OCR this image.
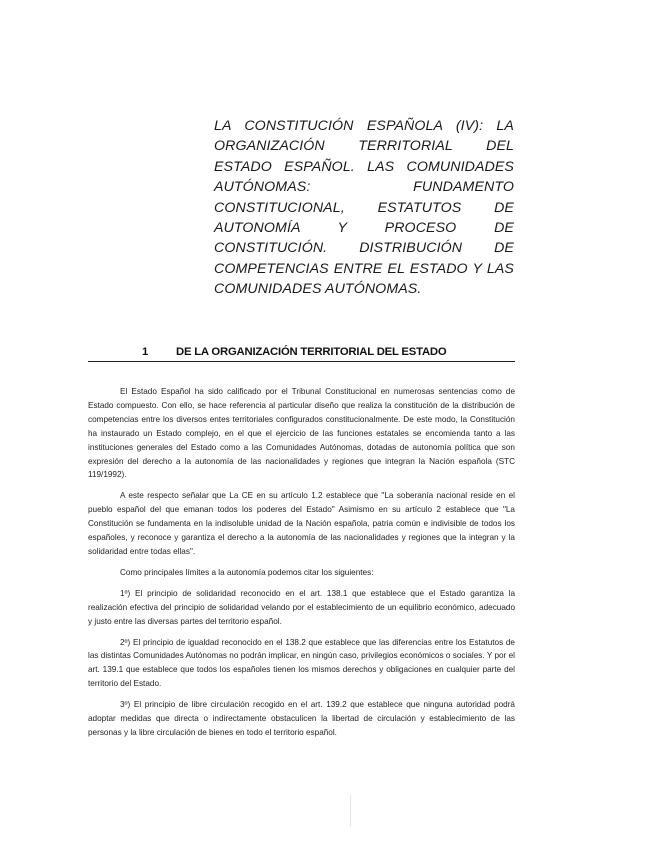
LA CONSTITUCIÓN ESPAÑOLA (IV): LA ORGANIZACIÓN TERRITORIAL DEL ESTADO ESPAÑOL. LAS COMUNIDADES AUTÓNOMAS: FUNDAMENTO CONSTITUCIONAL, ESTATUTOS DE AUTONOMÍA Y PROCESO DE CONSTITUCIÓN. DISTRIBUCIÓN DE COMPETENCIAS ENTRE EL ESTADO Y LAS COMUNIDADES AUTÓNOMAS.
1 DE LA ORGANIZACIÓN TERRITORIAL DEL ESTADO

El Estado Español ha sido calificado por el Tribunal Constitucional en numerosas sentencias como de Estado compuesto. Con ello, se hace referencia al particular diseño que realiza la constitución de la distribución de competencias entre los diversos entes territoriales configurados constitucionalmente. De este modo, la Constitución ha instaurado un Estado complejo, en el que el ejercicio de las funciones estatales se encomienda tanto a las instituciones generales del Estado como a las Comunidades Autónomas, dotadas de autonomía política que son expresión del derecho a la autonomía de las nacionalidades y regiones que integran la Nación española (STC 119/1992).

A este respecto señalar que La CE en su artículo 1.2 establece que "La soberanía nacional reside en el pueblo español del que emanan todos los poderes del Estado" Asimismo en su artículo 2 establece que "La Constitución se fundamenta en la indisoluble unidad de la Nación española, patria común e indivisible de todos los españoles, y reconoce y garantiza el derecho a la autonomía de las nacionalidades y regiones que la integran y la solidaridad entre todas ellas".

Como principales límites a la autonomía podemos citar los siguientes:

1º) El principio de solidaridad reconocido en el art. 138.1 que establece que el Estado garantiza la realización efectiva del principio de solidaridad velando por el establecimiento de un equilibrio económico, adecuado y justo entre las diversas partes del territorio español.

2º) El principio de igualdad reconocido en el 138.2 que establece que las diferencias entre los Estatutos de las distintas Comunidades Autónomas no podrán implicar, en ningún caso, privilegios económicos o sociales. Y por el art. 139.1 que establece que todos los españoles tienen los mismos derechos y obligaciones en cualquier parte del territorio del Estado.

3º) El principio de libre circulación recogido en el art. 139.2 que establece que ninguna autoridad podrá adoptar medidas que directa o indirectamente obstaculicen la libertad de circulación y establecimiento de las personas y la libre circulación de bienes en todo el territorio español.
